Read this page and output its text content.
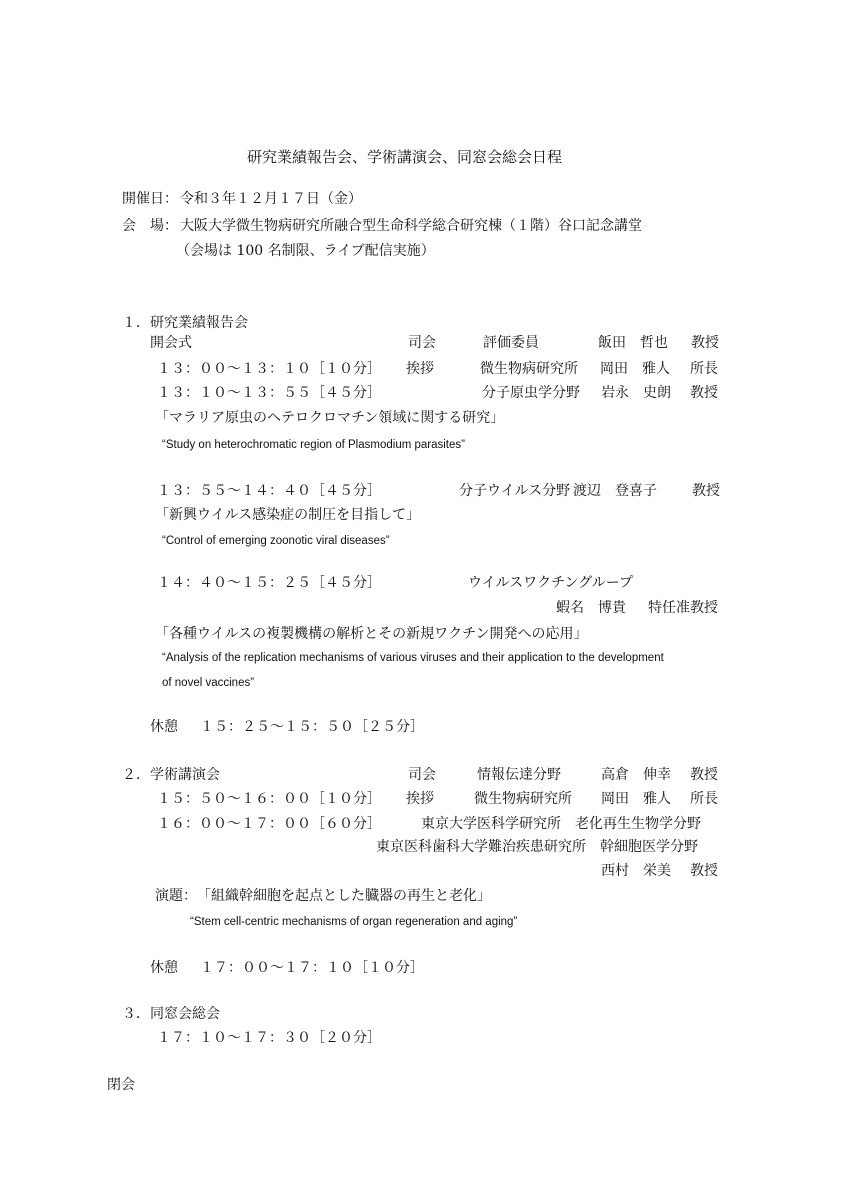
研究業績報告会、学術講演会、同窓会総会日程
開催日： 令和３年１２月１７日（金）
会　場： 大阪大学微生物病研究所融合型生命科学総合研究棟（１階）谷口記念講堂
（会場は 100 名制限、ライブ配信実施）
１．研究業績報告会
開会式	司会	評価委員	飯田　哲也 教授
１３：００～１３：１０［１０分］ 挨拶	微生物病研究所 岡田　雅人 所長
１３：１０～１３：５５［４５分］	分子原虫学分野 岩永　史朗 教授
「マラリア原虫のヘテロクロマチン領域に関する研究」
“Study on heterochromatic region of Plasmodium parasites”
１３：５５～１４：４０［４５分］	分子ウイルス分野 渡辺　登喜子	教授
「新興ウイルス感染症の制圧を目指して」
“Control of emerging zoonotic viral diseases”
１４：４０～１５：２５［４５分］	ウイルスワクチングループ
蝦名　博貴 特任准教授
「各種ウイルスの複製機構の解析とその新規ワクチン開発への応用」
“Analysis of the replication mechanisms of various viruses and their application to the development
of novel vaccines”
休憩 １５：２５～１５：５０［２５分］
２．学術講演会	司会	情報伝達分野	高倉　伸幸 教授
１５：５０～１６：００［１０分］ 挨拶	微生物病研究所 岡田　雅人 所長
１６：００～１７：００［６０分］	東京大学医科学研究所　老化再生生物学分野
東京医科歯科大学難治疾患研究所　幹細胞医学分野
西村　栄美 教授
演題： 「組織幹細胞を起点とした臓器の再生と老化」
“Stem cell-centric mechanisms of organ regeneration and aging”
休憩 １７：００～１７：１０［１０分］
３．同窓会総会
１７：１０～１７：３０［２０分］
閉会
